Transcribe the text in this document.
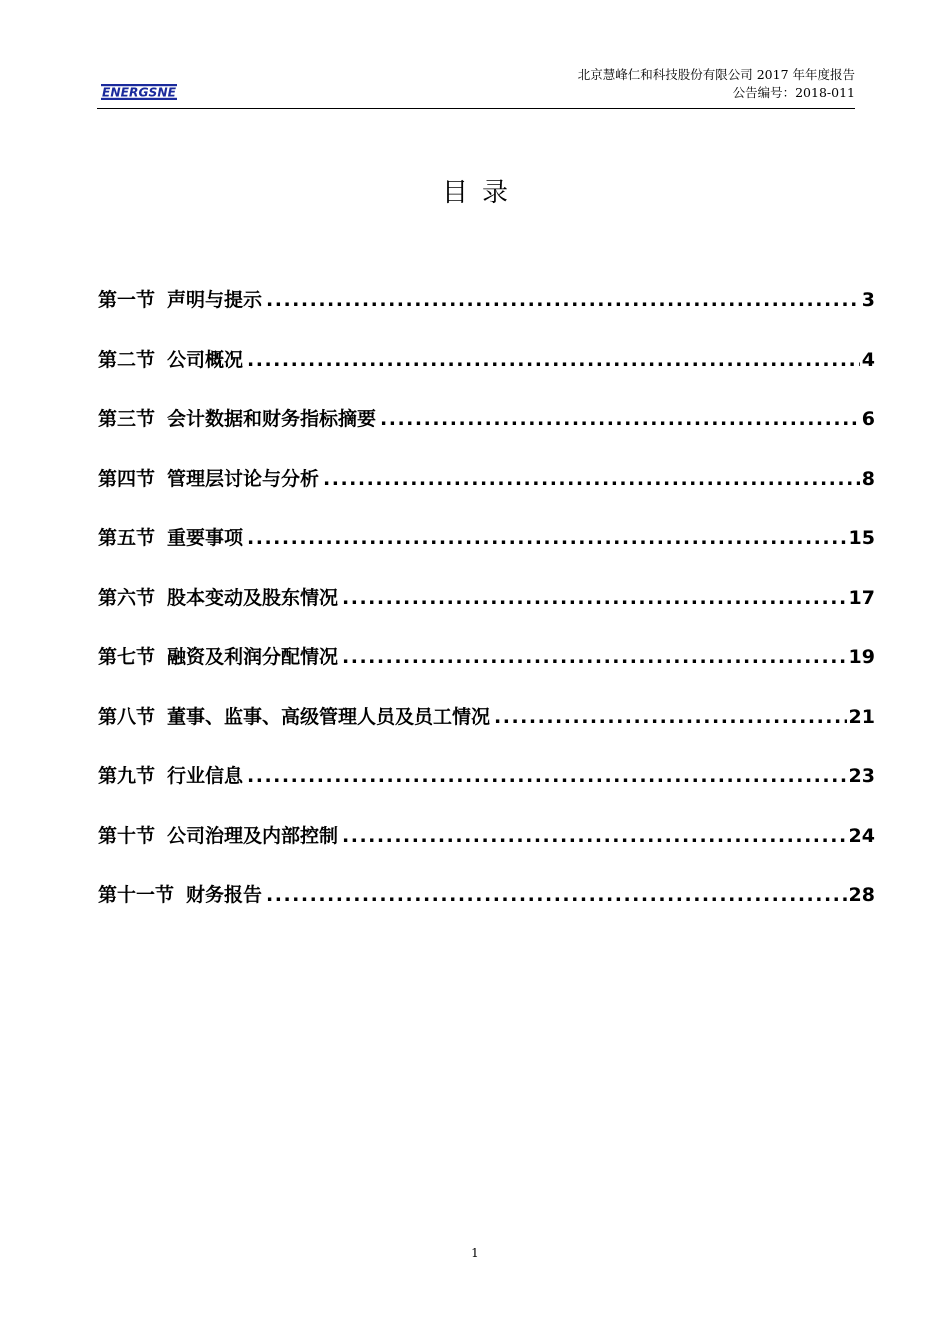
ENERGSNE
北京慧峰仁和科技股份有限公司 2017 年年度报告
公告编号：2018-011
目录
第一节 声明与提示 .....	3
第二节 公司概况 .....	4
第三节 会计数据和财务指标摘要 .....	6
第四节 管理层讨论与分析 .....	8
第五节 重要事项 .....	15
第六节 股本变动及股东情况 .....	17
第七节 融资及利润分配情况 .....	19
第八节 董事、监事、高级管理人员及员工情况 .....	21
第九节 行业信息 .....	23
第十节 公司治理及内部控制 .....	24
第十一节 财务报告 .....	28
1
